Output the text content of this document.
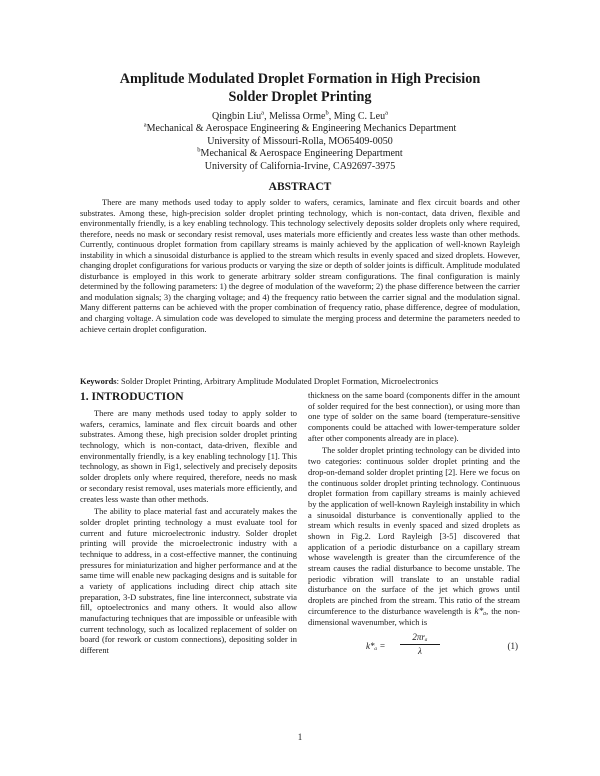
Amplitude Modulated Droplet Formation in High Precision
Solder Droplet Printing
Qingbin Liu$^a$, Melissa Orme$^b$, Ming C. Leu$^a$
$^a$Mechanical & Aerospace Engineering & Engineering Mechanics Department
University of Missouri-Rolla, MO65409-0050
$^b$Mechanical & Aerospace Engineering Department
University of California-Irvine, CA92697-3975
ABSTRACT

There are many methods used today to apply solder to wafers, ceramics, laminate and flex circuit boards and other substrates. Among these, high-precision solder droplet printing technology, which is non-contact, data driven, flexible and environmentally friendly, is a key enabling technology. This technology selectively deposits solder droplets only where required, therefore, needs no mask or secondary resist removal, uses materials more efficiently and creates less waste than other methods. Currently, continuous droplet formation from capillary streams is mainly achieved by the application of well-known Rayleigh instability in which a sinusoidal disturbance is applied to the stream which results in evenly spaced and sized droplets. However, changing droplet configurations for various products or varying the size or depth of solder joints is difficult. Amplitude modulated disturbance is employed in this work to generate arbitrary solder stream configurations. The final configuration is mainly determined by the following parameters: 1) the degree of modulation of the waveform; 2) the phase difference between the carrier and modulation signals; 3) the charging voltage; and 4) the frequency ratio between the carrier signal and the modulation signal. Many different patterns can be achieved with the proper combination of frequency ratio, phase difference, degree of modulation, and charging voltage. A simulation code was developed to simulate the merging process and determine the parameters needed to achieve certain droplet configuration.

Keywords: Solder Droplet Printing, Arbitrary Amplitude Modulated Droplet Formation, Microelectronics

1. INTRODUCTION

There are many methods used today to apply solder to wafers, ceramics, laminate and flex circuit boards and other substrates. Among these, high precision solder droplet printing technology, which is non-contact, data-driven, flexible and environmentally friendly, is a key enabling technology [1]. This technology, as shown in Fig1, selectively and precisely deposits solder droplets only where required, therefore, needs no mask or secondary resist removal, uses materials more efficiently, and creates less waste than other methods.

The ability to place material fast and accurately makes the solder droplet printing technology a must evaluate tool for current and future microelectronic industry. Solder droplet printing will provide the microelectronic industry with a technique to address, in a cost-effective manner, the continuing pressures for miniaturization and higher performance and at the same time will enable new packaging designs and is suitable for a variety of applications including direct chip attach site preparation, 3-D substrates, fine line interconnect, substrate via fill, optoelectronics and many others. It would also allow manufacturing techniques that are impossible or unfeasible with current technology, such as localized replacement of solder on board (for rework or custom connections), depositing solder in different

thickness on the same board (components differ in the amount of solder required for the best connection), or using more than one type of solder on the same board (temperature-sensitive components could be attached with lower-temperature solder after other components already are in place).

The solder droplet printing technology can be divided into two categories: continuous solder droplet printing and the drop-on-demand solder droplet printing [2]. Here we focus on the continuous solder droplet printing technology. Continuous droplet formation from capillary streams is mainly achieved by the application of well-known Rayleigh instability in which a sinusoidal disturbance is conventionally applied to the stream which results in evenly spaced and sized droplets as shown in Fig.2. Lord Rayleigh [3-5] discovered that application of a periodic disturbance on a capillary stream whose wavelength is greater than the circumference of the stream causes the radial disturbance to become unstable. The periodic vibration will translate to an unstable radial disturbance on the surface of the jet which grows until droplets are pinched from the stream. This ratio of the stream circumference to the disturbance wavelength is k*ₐ, the non-dimensional wavenumber, which is

k*ₐ =
2πrₐ
λ	(1)
1
